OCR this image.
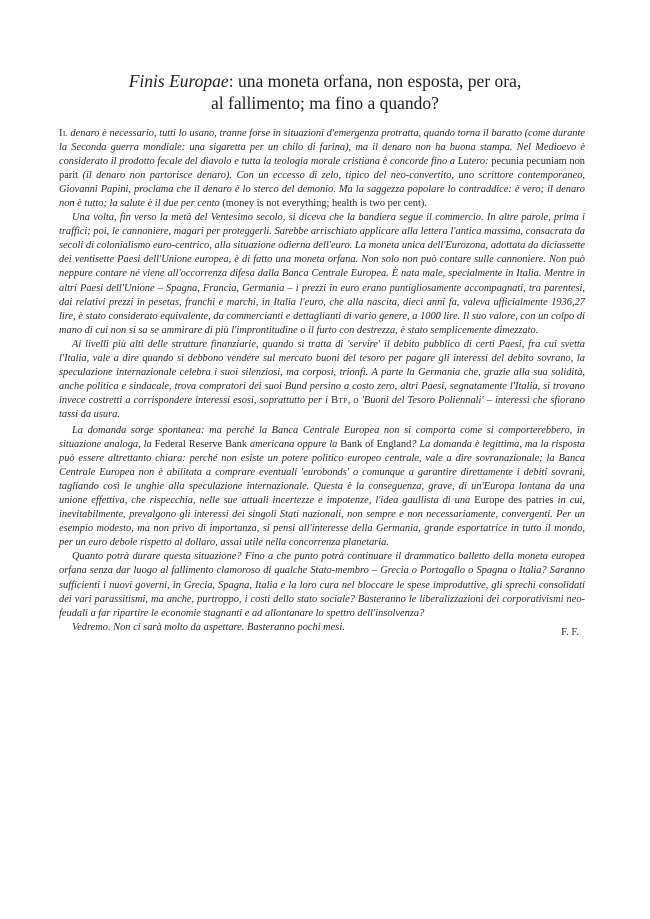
Finis Europae: una moneta orfana, non esposta, per ora,
al fallimento; ma fino a quando?

Il denaro è necessario, tutti lo usano, tranne forse in situazioni d'emergenza protratta, quando torna il baratto (come durante la Seconda guerra mondiale: una sigaretta per un chilo di farina), ma il denaro non ha buona stampa. Nel Medioevo è considerato il prodotto fecale del diavolo e tutta la teologia morale cristiana è concorde fino a Lutero: pecunia pecuniam non parit (il denaro non partorisce denaro). Con un eccesso di zelo, tipico del neo-convertito, uno scrittore contemporaneo, Giovanni Papini, proclama che il denaro è lo sterco del demonio. Ma la saggezza popolare lo contraddice: è vero; il denaro non è tutto; la salute è il due per cento (money is not everything; health is two per cent).

Una volta, fin verso la metà del Ventesimo secolo, si diceva che la bandiera segue il commercio. In altre parole, prima i traffici; poi, le cannoniere, magari per proteggerli. Sarebbe arrischiato applicare alla lettera l'antica massima, consacrata da secoli di colonialismo euro-centrico, alla situazione odierna dell'euro. La moneta unica dell'Eurozona, adottata da diciassette dei ventisette Paesi dell'Unione europea, è di fatto una moneta orfana. Non solo non può contare sulle cannoniere. Non può neppure contare né viene all'occorrenza difesa dalla Banca Centrale Europea. È nata male, specialmente in Italia. Mentre in altri Paesi dell'Unione – Spagna, Francia, Germania – i prezzi in euro erano puntigliosamente accompagnati, tra parentesi, dai relativi prezzi in pesetas, franchi e marchi, in Italia l'euro, che alla nascita, dieci anni fa, valeva ufficialmente 1936,27 lire, è stato considerato equivalente, da commercianti e dettaglianti di vario genere, a 1000 lire. Il suo valore, con un colpo di mano di cui non si sa se ammirare di più l'improntitudine o il furto con destrezza, è stato semplicemente dimezzato.

Ai livelli più alti delle strutture finanziarie, quando si tratta di 'servire' il debito pubblico di certi Paesi, fra cui svetta l'Italia, vale a dire quando si debbono vendere sul mercato buoni del tesoro per pagare gli interessi del debito sovrano, la speculazione internazionale celebra i suoi silenziosi, ma corposi, trionfi. A parte la Germania che, grazie alla sua solidità, anche politica e sindacale, trova compratori dei suoi Bund persino a costo zero, altri Paesi, segnatamente l'Italia, si trovano invece costretti a corrispondere interessi esosi, soprattutto per i Btp, o 'Buoni del Tesoro Poliennali' – interessi che sfiorano tassi da usura.

La domanda sorge spontanea: ma perché la Banca Centrale Europea non si comporta come si comporterebbero, in situazione analoga, la Federal Reserve Bank americana oppure la Bank of England? La domanda è legittima, ma la risposta può essere altrettanto chiara: perché non esiste un potere politico europeo centrale, vale a dire sovranazionale; la Banca Centrale Europea non è abilitata a comprare eventuali 'eurobonds' o comunque a garantire direttamente i debiti sovrani, tagliando così le unghie alla speculazione internazionale. Questa è la conseguenza, grave, di un'Europa lontana da una unione effettiva, che rispecchia, nelle sue attuali incertezze e impotenze, l'idea gaullista di una Europe des patries in cui, inevitabilmente, prevalgono gli interessi dei singoli Stati nazionali, non sempre e non necessariamente, convergenti. Per un esempio modesto, ma non privo di importanza, si pensi all'interesse della Germania, grande esportatrice in tutto il mondo, per un euro debole rispetto al dollaro, assai utile nella concorrenza planetaria.

Quanto potrà durare questa situazione? Fino a che punto potrà continuare il drammatico balletto della moneta europea orfana senza dar luogo al fallimento clamoroso di qualche Stato-membro – Grecia o Portogallo o Spagna o Italia? Saranno sufficienti i nuovi governi, in Grecia, Spagna, Italia e la loro cura nel bloccare le spese improduttive, gli sprechi consolidati dei vari parassitismi, ma anche, purtroppo, i costi dello stato sociale? Basteranno le liberalizzazioni dei corporativismi neo-feudali a far ripartire le economie stagnanti e ad allontanare lo spettro dell'insolvenza?

Vedremo. Non ci sarà molto da aspettare. Basteranno pochi mesi.	F. F.
